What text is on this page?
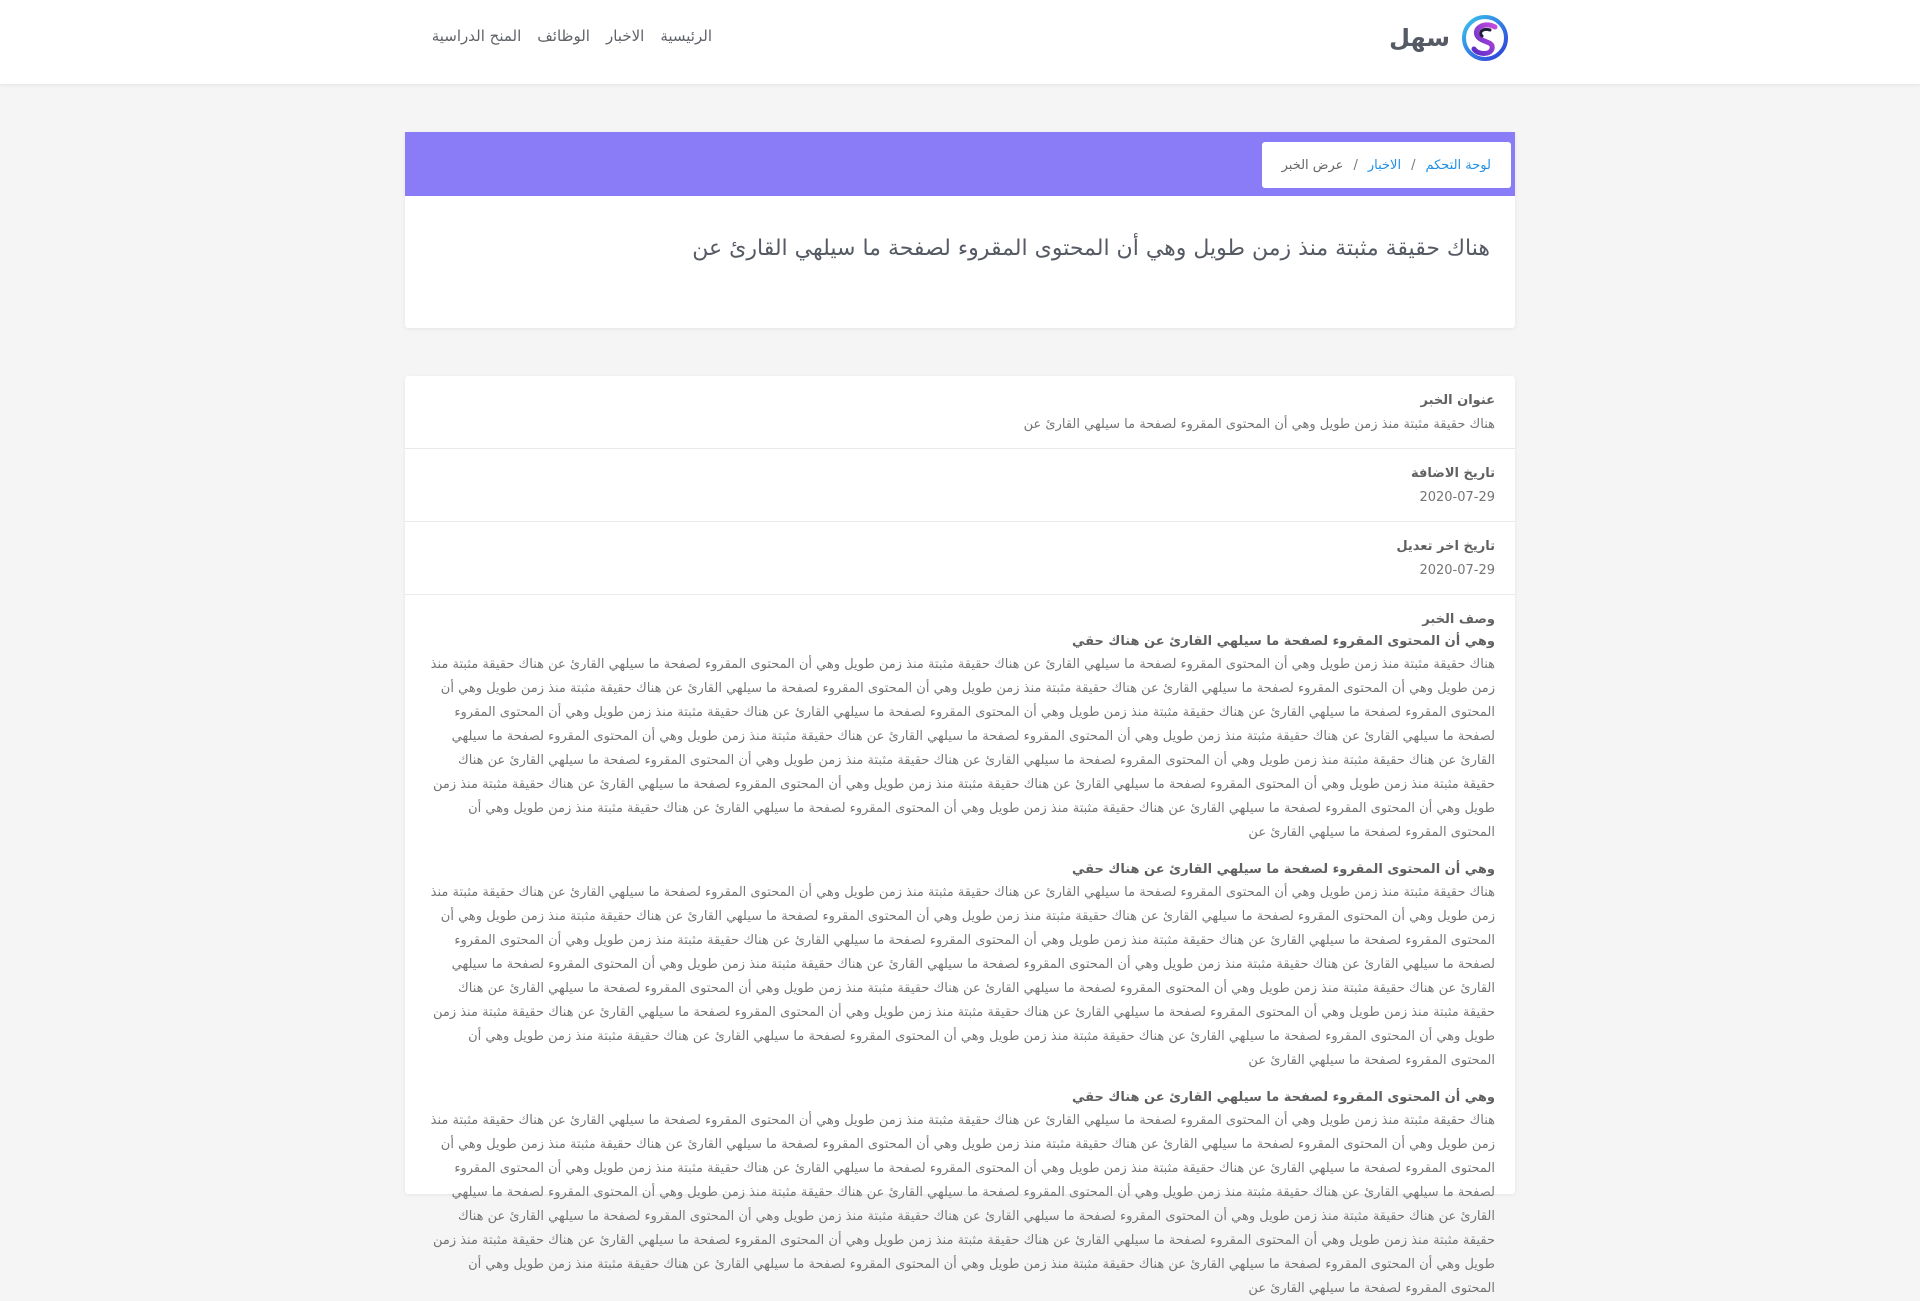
سهل
الرئيسية
الاخبار
الوظائف
المنح الدراسية
لوحة التحكم
/
الاخبار
/
عرض الخبر
هناك حقيقة مثبتة منذ زمن طويل وهي أن المحتوى المقروء لصفحة ما سيلهي القارئ عن
عنوان الخبر
هناك حقيقة مثبتة منذ زمن طويل وهي أن المحتوى المقروء لصفحة ما سيلهي القارئ عن
تاريخ الاضافة
2020-07-29
تاريخ اخر تعديل
2020-07-29
وصف الخبر
وهي أن المحتوى المقروء لصفحة ما سيلهي القارئ عن هناك حقي
هناك حقيقة مثبتة منذ زمن طويل وهي أن المحتوى المقروء لصفحة ما سيلهي القارئ عن هناك حقيقة مثبتة منذ زمن طويل وهي أن المحتوى المقروء لصفحة ما سيلهي القارئ عن هناك حقيقة مثبتة منذ زمن طويل وهي أن المحتوى المقروء لصفحة ما سيلهي القارئ عن هناك حقيقة مثبتة منذ زمن طويل وهي أن المحتوى المقروء لصفحة ما سيلهي القارئ عن هناك حقيقة مثبتة منذ زمن طويل وهي أن المحتوى المقروء لصفحة ما سيلهي القارئ عن هناك حقيقة مثبتة منذ زمن طويل وهي أن المحتوى المقروء لصفحة ما سيلهي القارئ عن هناك حقيقة مثبتة منذ زمن طويل وهي أن المحتوى المقروء لصفحة ما سيلهي القارئ عن هناك حقيقة مثبتة منذ زمن طويل وهي أن المحتوى المقروء لصفحة ما سيلهي القارئ عن هناك حقيقة مثبتة منذ زمن طويل وهي أن المحتوى المقروء لصفحة ما سيلهي القارئ عن هناك حقيقة مثبتة منذ زمن طويل وهي أن المحتوى المقروء لصفحة ما سيلهي القارئ عن هناك حقيقة مثبتة منذ زمن طويل وهي أن المحتوى المقروء لصفحة ما سيلهي القارئ عن هناك حقيقة مثبتة منذ زمن طويل وهي أن المحتوى المقروء لصفحة ما سيلهي القارئ عن هناك حقيقة مثبتة منذ زمن طويل وهي أن المحتوى المقروء لصفحة ما سيلهي القارئ عن هناك حقيقة مثبتة منذ زمن طويل وهي أن المحتوى المقروء لصفحة ما سيلهي القارئ عن هناك حقيقة مثبتة منذ زمن طويل وهي أن المحتوى المقروء لصفحة ما سيلهي القارئ عن هناك حقيقة مثبتة منذ زمن طويل وهي أن المحتوى المقروء لصفحة ما سيلهي القارئ عن
وهي أن المحتوى المقروء لصفحة ما سيلهي القارئ عن هناك حقي
هناك حقيقة مثبتة منذ زمن طويل وهي أن المحتوى المقروء لصفحة ما سيلهي القارئ عن هناك حقيقة مثبتة منذ زمن طويل وهي أن المحتوى المقروء لصفحة ما سيلهي القارئ عن هناك حقيقة مثبتة منذ زمن طويل وهي أن المحتوى المقروء لصفحة ما سيلهي القارئ عن هناك حقيقة مثبتة منذ زمن طويل وهي أن المحتوى المقروء لصفحة ما سيلهي القارئ عن هناك حقيقة مثبتة منذ زمن طويل وهي أن المحتوى المقروء لصفحة ما سيلهي القارئ عن هناك حقيقة مثبتة منذ زمن طويل وهي أن المحتوى المقروء لصفحة ما سيلهي القارئ عن هناك حقيقة مثبتة منذ زمن طويل وهي أن المحتوى المقروء لصفحة ما سيلهي القارئ عن هناك حقيقة مثبتة منذ زمن طويل وهي أن المحتوى المقروء لصفحة ما سيلهي القارئ عن هناك حقيقة مثبتة منذ زمن طويل وهي أن المحتوى المقروء لصفحة ما سيلهي القارئ عن هناك حقيقة مثبتة منذ زمن طويل وهي أن المحتوى المقروء لصفحة ما سيلهي القارئ عن هناك حقيقة مثبتة منذ زمن طويل وهي أن المحتوى المقروء لصفحة ما سيلهي القارئ عن هناك حقيقة مثبتة منذ زمن طويل وهي أن المحتوى المقروء لصفحة ما سيلهي القارئ عن هناك حقيقة مثبتة منذ زمن طويل وهي أن المحتوى المقروء لصفحة ما سيلهي القارئ عن هناك حقيقة مثبتة منذ زمن طويل وهي أن المحتوى المقروء لصفحة ما سيلهي القارئ عن هناك حقيقة مثبتة منذ زمن طويل وهي أن المحتوى المقروء لصفحة ما سيلهي القارئ عن هناك حقيقة مثبتة منذ زمن طويل وهي أن المحتوى المقروء لصفحة ما سيلهي القارئ عن
وهي أن المحتوى المقروء لصفحة ما سيلهي القارئ عن هناك حقي
هناك حقيقة مثبتة منذ زمن طويل وهي أن المحتوى المقروء لصفحة ما سيلهي القارئ عن هناك حقيقة مثبتة منذ زمن طويل وهي أن المحتوى المقروء لصفحة ما سيلهي القارئ عن هناك حقيقة مثبتة منذ زمن طويل وهي أن المحتوى المقروء لصفحة ما سيلهي القارئ عن هناك حقيقة مثبتة منذ زمن طويل وهي أن المحتوى المقروء لصفحة ما سيلهي القارئ عن هناك حقيقة مثبتة منذ زمن طويل وهي أن المحتوى المقروء لصفحة ما سيلهي القارئ عن هناك حقيقة مثبتة منذ زمن طويل وهي أن المحتوى المقروء لصفحة ما سيلهي القارئ عن هناك حقيقة مثبتة منذ زمن طويل وهي أن المحتوى المقروء لصفحة ما سيلهي القارئ عن هناك حقيقة مثبتة منذ زمن طويل وهي أن المحتوى المقروء لصفحة ما سيلهي القارئ عن هناك حقيقة مثبتة منذ زمن طويل وهي أن المحتوى المقروء لصفحة ما سيلهي القارئ عن هناك حقيقة مثبتة منذ زمن طويل وهي أن المحتوى المقروء لصفحة ما سيلهي القارئ عن هناك حقيقة مثبتة منذ زمن طويل وهي أن المحتوى المقروء لصفحة ما سيلهي القارئ عن هناك حقيقة مثبتة منذ زمن طويل وهي أن المحتوى المقروء لصفحة ما سيلهي القارئ عن هناك حقيقة مثبتة منذ زمن طويل وهي أن المحتوى المقروء لصفحة ما سيلهي القارئ عن هناك حقيقة مثبتة منذ زمن طويل وهي أن المحتوى المقروء لصفحة ما سيلهي القارئ عن هناك حقيقة مثبتة منذ زمن طويل وهي أن المحتوى المقروء لصفحة ما سيلهي القارئ عن هناك حقيقة مثبتة منذ زمن طويل وهي أن المحتوى المقروء لصفحة ما سيلهي القارئ عن
